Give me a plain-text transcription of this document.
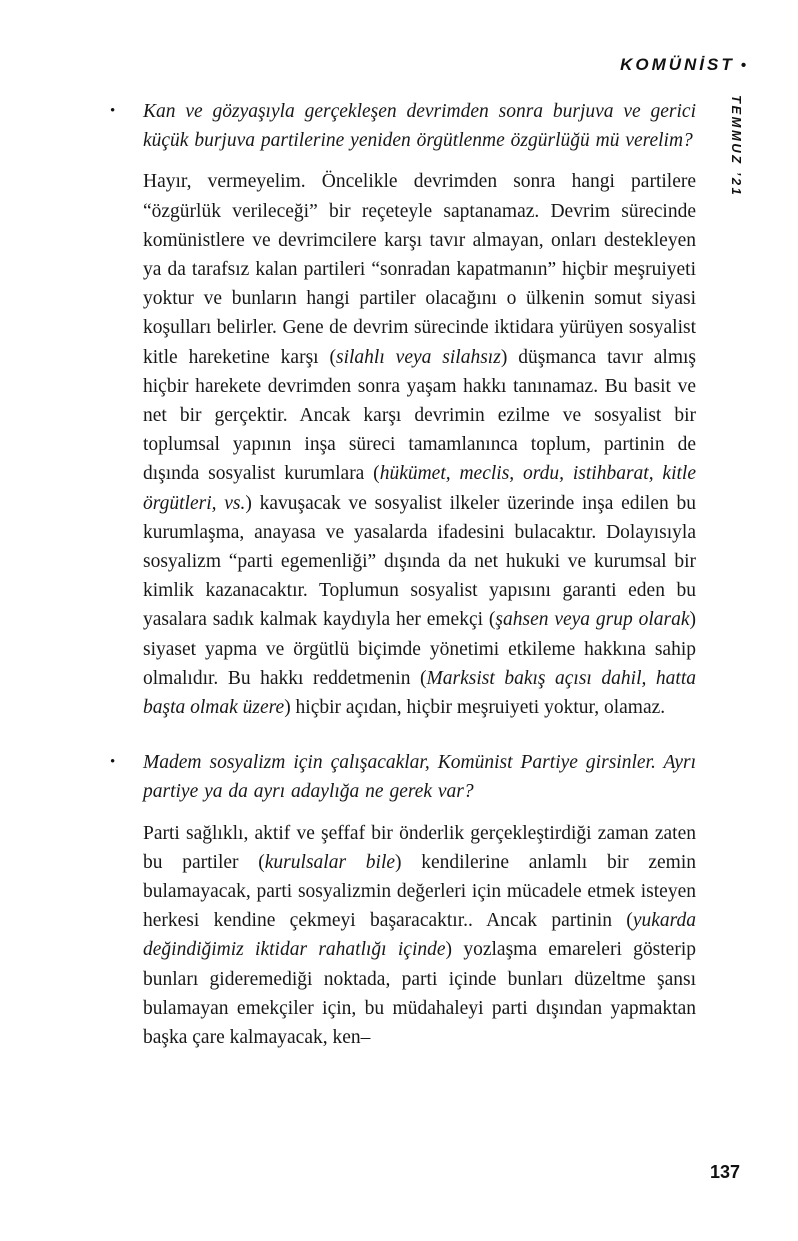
KOMÜNİST •
TEMMUZ ’21
•	Kan ve gözyaşıyla gerçekleşen devrimden sonra burjuva ve gerici küçük burjuva partilerine yeniden örgütlenme özgürlüğü mü verelim?

Hayır, vermeyelim. Öncelikle devrimden sonra hangi partilere “özgürlük verileceği” bir reçeteyle saptanamaz. Devrim sürecinde komünistlere ve devrimcilere karşı tavır almayan, onları destekleyen ya da tarafsız kalan partileri “sonradan kapatmanın” hiçbir meşruiyeti yoktur ve bunların hangi partiler olacağını o ülkenin somut siyasi koşulları belirler. Gene de devrim sürecinde iktidara yürüyen sosyalist kitle hareketine karşı (silahlı veya silahsız) düşmanca tavır almış hiçbir harekete devrimden sonra yaşam hakkı tanınamaz. Bu basit ve net bir gerçektir. Ancak karşı devrimin ezilme ve sosyalist bir toplumsal yapının inşa süreci tamamlanınca toplum, partinin de dışında sosyalist kurumlara (hükümet, meclis, ordu, istihbarat, kitle örgütleri, vs.) kavuşacak ve sosyalist ilkeler üzerinde inşa edilen bu kurumlaşma, anayasa ve yasalarda ifadesini bulacaktır. Dolayısıyla sosyalizm “parti egemenliği” dışında da net hukuki ve kurumsal bir kimlik kazanacaktır. Toplumun sosyalist yapısını garanti eden bu yasalara sadık kalmak kaydıyla her emekçi (şahsen veya grup olarak) siyaset yapma ve örgütlü biçimde yönetimi etkileme hakkına sahip olmalıdır. Bu hakkı reddetmenin (Marksist bakış açısı dahil, hatta başta olmak üzere) hiçbir açıdan, hiçbir meşruiyeti yoktur, olamaz.

•	Madem sosyalizm için çalışacaklar, Komünist Partiye girsinler. Ayrı partiye ya da ayrı adaylığa ne gerek var?

Parti sağlıklı, aktif ve şeffaf bir önderlik gerçekleştirdiği zaman zaten bu partiler (kurulsalar bile) kendilerine anlamlı bir zemin bulamayacak, parti sosyalizmin değerleri için mücadele etmek isteyen herkesi kendine çekmeyi başaracaktır.. Ancak partinin (yukarda değindiğimiz iktidar rahatlığı içinde) yozlaşma emareleri gösterip bunları gideremediği noktada, parti içinde bunları düzeltme şansı bulamayan emekçiler için, bu müdahaleyi parti dışından yapmaktan başka çare kalmayacak, ken–

137
